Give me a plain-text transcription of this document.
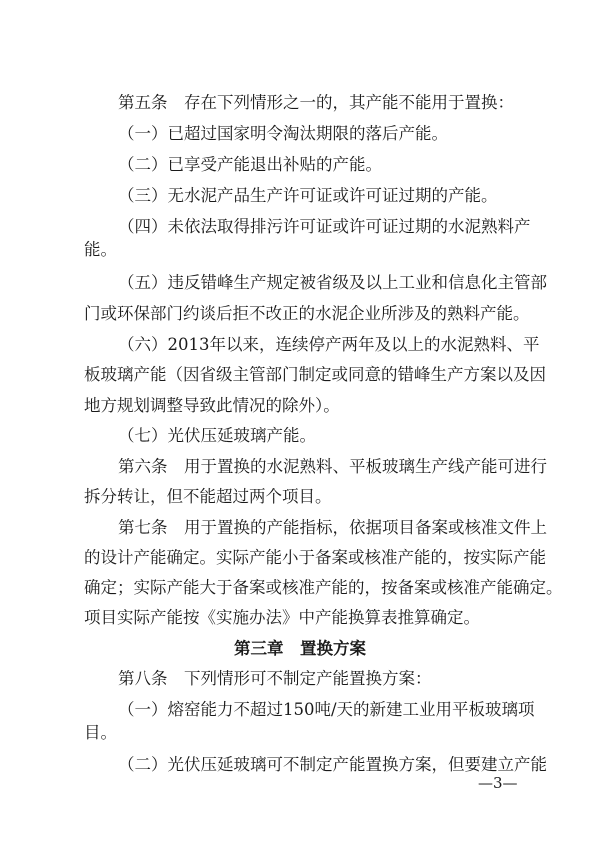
第五条　存在下列情形之一的，其产能不能用于置换：
（一）已超过国家明令淘汰期限的落后产能。
（二）已享受产能退出补贴的产能。
（三）无水泥产品生产许可证或许可证过期的产能。
（四）未依法取得排污许可证或许可证过期的水泥熟料产
能。
（五）违反错峰生产规定被省级及以上工业和信息化主管部
门或环保部门约谈后拒不改正的水泥企业所涉及的熟料产能。
（六）2013年以来，连续停产两年及以上的水泥熟料、平
板玻璃产能（因省级主管部门制定或同意的错峰生产方案以及因
地方规划调整导致此情况的除外）。
（七）光伏压延玻璃产能。
第六条　用于置换的水泥熟料、平板玻璃生产线产能可进行
拆分转让，但不能超过两个项目。
第七条　用于置换的产能指标，依据项目备案或核准文件上
的设计产能确定。实际产能小于备案或核准产能的，按实际产能
确定；实际产能大于备案或核准产能的，按备案或核准产能确定。
项目实际产能按《实施办法》中产能换算表推算确定。
第三章　置换方案
第八条　下列情形可不制定产能置换方案：
（一）熔窑能力不超过150吨/天的新建工业用平板玻璃项
目。
（二）光伏压延玻璃可不制定产能置换方案，但要建立产能
—3—
